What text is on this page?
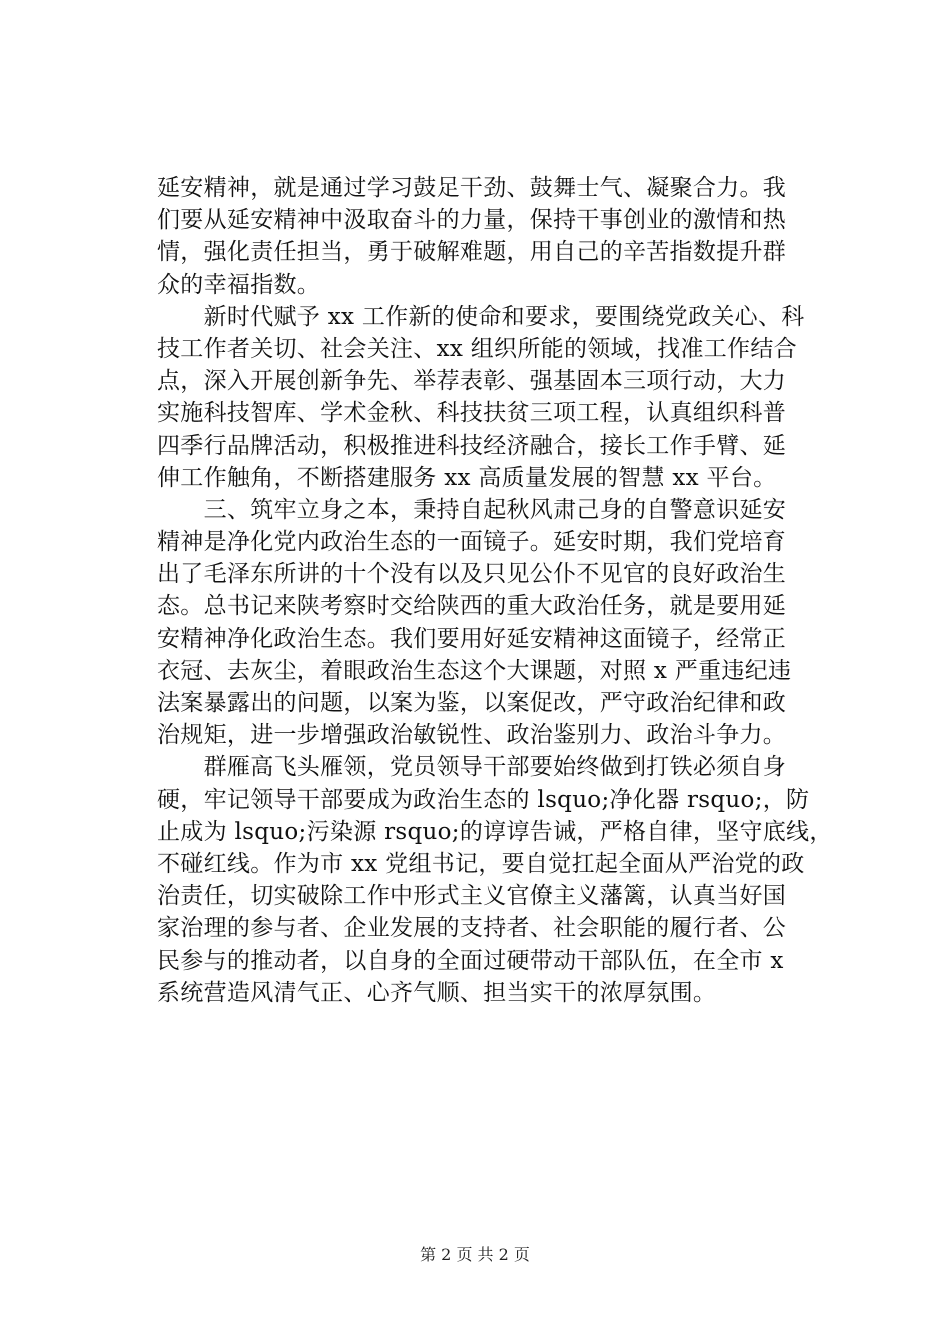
延安精神，就是通过学习鼓足干劲、鼓舞士气、凝聚合力。我
们要从延安精神中汲取奋斗的力量，保持干事创业的激情和热
情，强化责任担当，勇于破解难题，用自己的辛苦指数提升群
众的幸福指数。
　　新时代赋予 xx 工作新的使命和要求，要围绕党政关心、科
技工作者关切、社会关注、xx 组织所能的领域，找准工作结合
点，深入开展创新争先、举荐表彰、强基固本三项行动，大力
实施科技智库、学术金秋、科技扶贫三项工程，认真组织科普
四季行品牌活动，积极推进科技经济融合，接长工作手臂、延
伸工作触角，不断搭建服务 xx 高质量发展的智慧 xx 平台。
　　三、筑牢立身之本，秉持自起秋风肃己身的自警意识延安
精神是净化党内政治生态的一面镜子。延安时期，我们党培育
出了毛泽东所讲的十个没有以及只见公仆不见官的良好政治生
态。总书记来陕考察时交给陕西的重大政治任务，就是要用延
安精神净化政治生态。我们要用好延安精神这面镜子，经常正
衣冠、去灰尘，着眼政治生态这个大课题，对照 x 严重违纪违
法案暴露出的问题，以案为鉴，以案促改，严守政治纪律和政
治规矩，进一步增强政治敏锐性、政治鉴别力、政治斗争力。
　　群雁高飞头雁领，党员领导干部要始终做到打铁必须自身
硬，牢记领导干部要成为政治生态的 lsquo;净化器 rsquo;，防
止成为 lsquo;污染源 rsquo;的谆谆告诫，严格自律，坚守底线，
不碰红线。作为市 xx 党组书记，要自觉扛起全面从严治党的政
治责任，切实破除工作中形式主义官僚主义藩篱，认真当好国
家治理的参与者、企业发展的支持者、社会职能的履行者、公
民参与的推动者，以自身的全面过硬带动干部队伍，在全市 x
系统营造风清气正、心齐气顺、担当实干的浓厚氛围。
第 2 页 共 2 页
